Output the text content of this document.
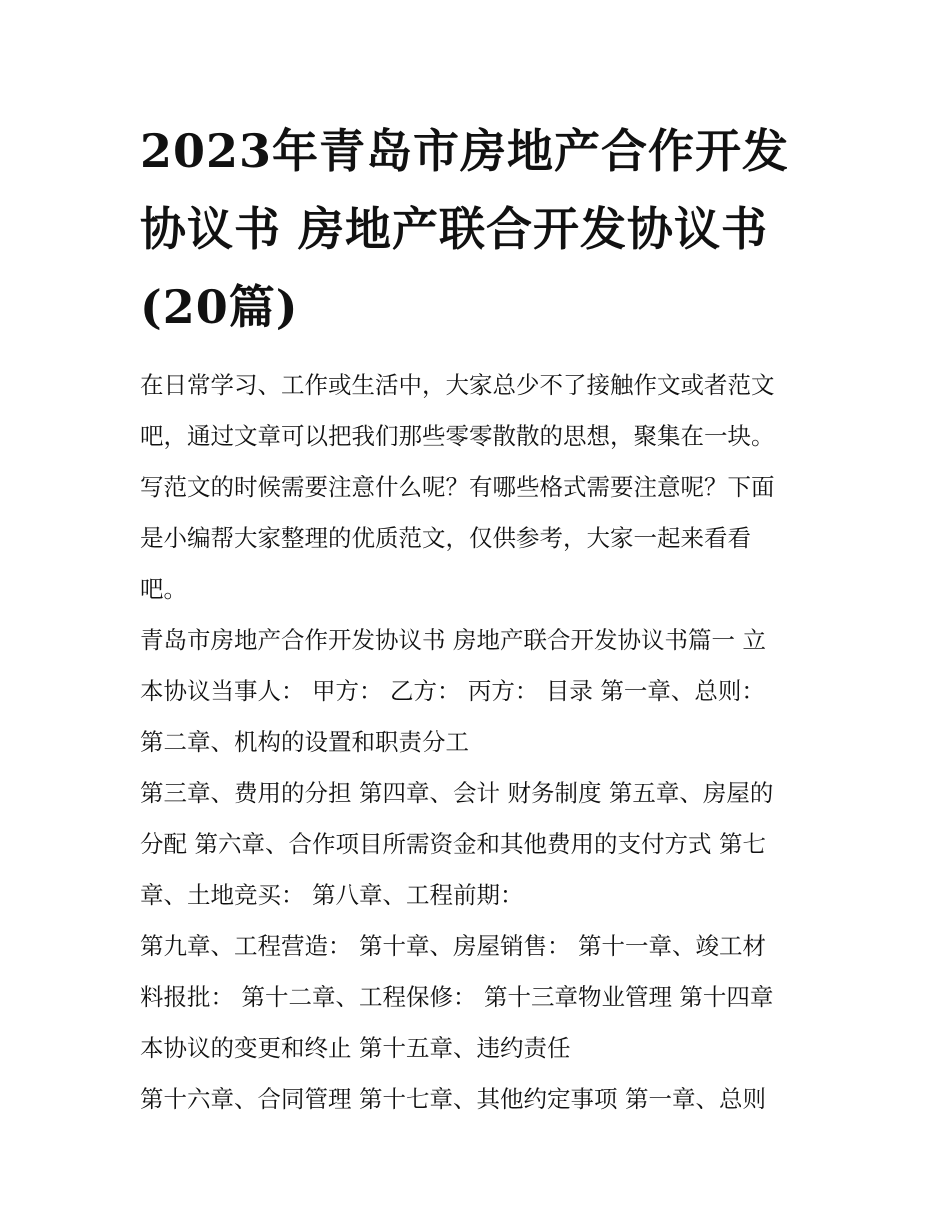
2023年青岛市房地产合作开发
协议书 房地产联合开发协议书
(20篇)
在日常学习、工作或生活中，大家总少不了接触作文或者范文
吧，通过文章可以把我们那些零零散散的思想，聚集在一块。
写范文的时候需要注意什么呢？有哪些格式需要注意呢？下面
是小编帮大家整理的优质范文，仅供参考，大家一起来看看
吧。
青岛市房地产合作开发协议书 房地产联合开发协议书篇一 立
本协议当事人： 甲方： 乙方： 丙方： 目录 第一章、总则：
第二章、机构的设置和职责分工
第三章、费用的分担 第四章、会计 财务制度 第五章、房屋的
分配 第六章、合作项目所需资金和其他费用的支付方式 第七
章、土地竞买： 第八章、工程前期：
第九章、工程营造： 第十章、房屋销售： 第十一章、竣工材
料报批： 第十二章、工程保修： 第十三章物业管理 第十四章
本协议的变更和终止 第十五章、违约责任
第十六章、合同管理 第十七章、其他约定事项 第一章、总则
